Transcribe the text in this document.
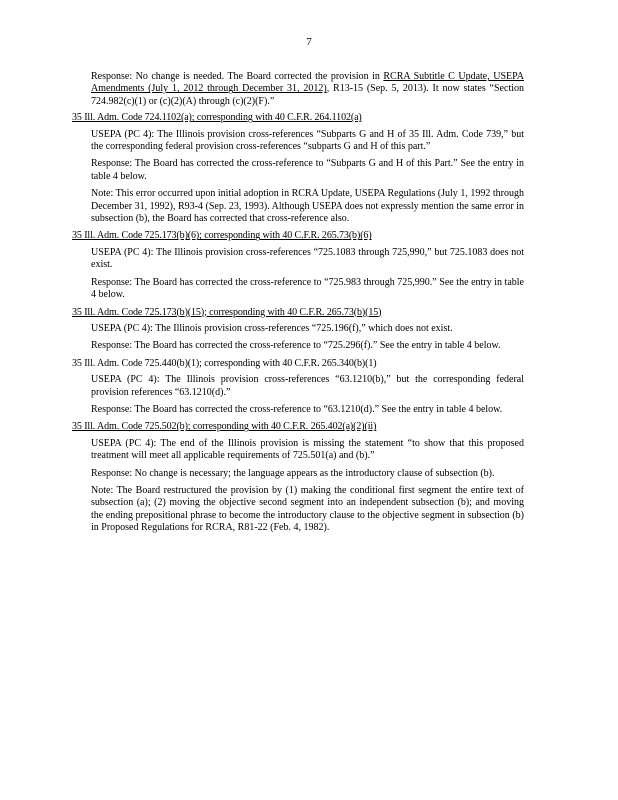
7

Response: No change is needed. The Board corrected the provision in RCRA Subtitle C Update, USEPA Amendments (July 1, 2012 through December 31, 2012), R13-15 (Sep. 5, 2013). It now states “Section 724.982(c)(1) or (c)(2)(A) through (c)(2)(F).”

35 Ill. Adm. Code 724.1102(a); corresponding with 40 C.F.R. 264.1102(a)

USEPA (PC 4): The Illinois provision cross-references “Subparts G and H of 35 Ill. Adm. Code 739,” but the corresponding federal provision cross-references “subparts G and H of this part.”

Response: The Board has corrected the cross-reference to “Subparts G and H of this Part.” See the entry in table 4 below.

Note: This error occurred upon initial adoption in RCRA Update, USEPA Regulations (July 1, 1992 through December 31, 1992), R93-4 (Sep. 23, 1993). Although USEPA does not expressly mention the same error in subsection (b), the Board has corrected that cross-reference also.

35 Ill. Adm. Code 725.173(b)(6); corresponding with 40 C.F.R. 265.73(b)(6)

USEPA (PC 4): The Illinois provision cross-references “725.1083 through 725,990,” but 725.1083 does not exist.

Response: The Board has corrected the cross-reference to “725.983 through 725,990.” See the entry in table 4 below.

35 Ill. Adm. Code 725.173(b)(15); corresponding with 40 C.F.R. 265.73(b)(15)

USEPA (PC 4): The Illinois provision cross-references “725.196(f),” which does not exist.

Response: The Board has corrected the cross-reference to “725.296(f).” See the entry in table 4 below.

35 Ill. Adm. Code 725.440(b)(1); corresponding with 40 C.F.R. 265.340(b)(1)

USEPA (PC 4): The Illinois provision cross-references “63.1210(b),” but the corresponding federal provision references “63.1210(d).”

Response: The Board has corrected the cross-reference to “63.1210(d).” See the entry in table 4 below.

35 Ill. Adm. Code 725.502(b); corresponding with 40 C.F.R. 265.402(a)(2)(ii)

USEPA (PC 4): The end of the Illinois provision is missing the statement “to show that this proposed treatment will meet all applicable requirements of 725.501(a) and (b).”

Response: No change is necessary; the language appears as the introductory clause of subsection (b).

Note: The Board restructured the provision by (1) making the conditional first segment the entire text of subsection (a); (2) moving the objective second segment into an independent subsection (b); and moving the ending prepositional phrase to become the introductory clause to the objective segment in subsection (b) in Proposed Regulations for RCRA, R81-22 (Feb. 4, 1982).
